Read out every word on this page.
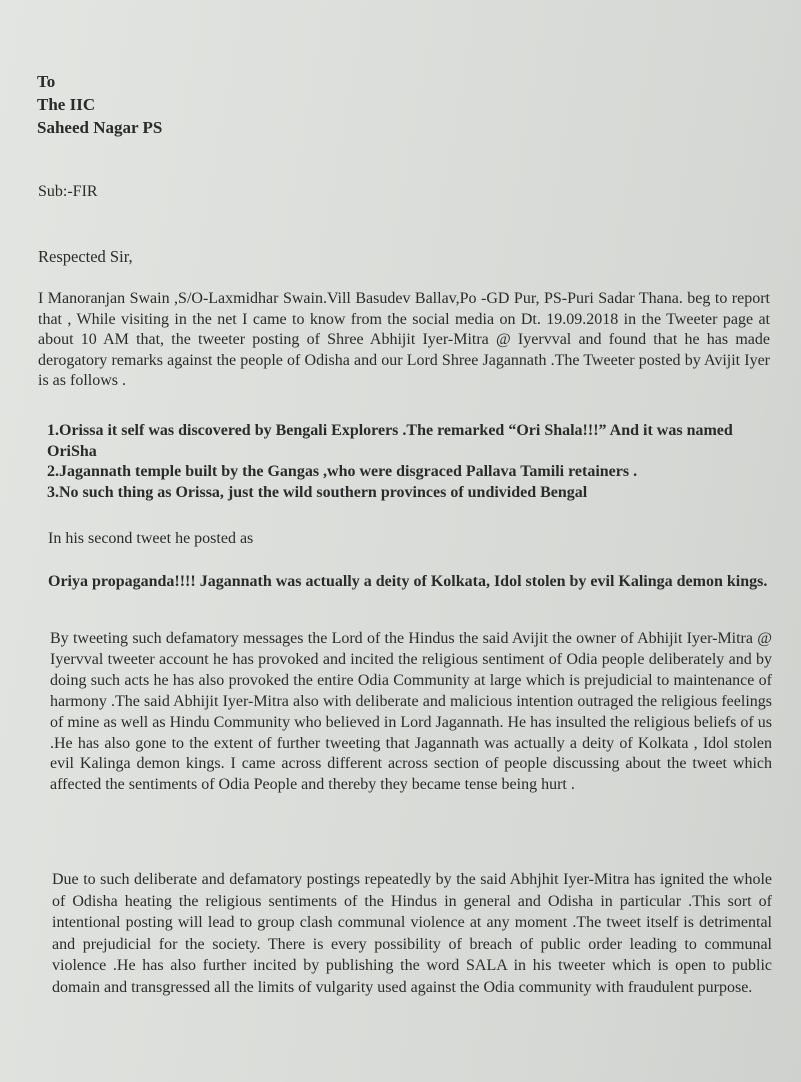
To
The IIC
Saheed Nagar PS
Sub:-FIR
Respected Sir,
I Manoranjan Swain ,S/O-Laxmidhar Swain.Vill Basudev Ballav,Po -GD Pur, PS-Puri Sadar Thana. beg to report that , While visiting in the net I came to know from the social media on Dt. 19.09.2018 in the Tweeter page at about 10 AM that, the tweeter posting of Shree Abhijit Iyer-Mitra @ Iyervval and found that he has made derogatory remarks against the people of Odisha and our Lord Shree Jagannath .The Tweeter posted by Avijit Iyer is as follows .
1.Orissa it self was discovered by Bengali Explorers .The remarked “Ori Shala!!!” And it was named OriSha
2.Jagannath temple built by the Gangas ,who were disgraced Pallava Tamili retainers .
3.No such thing as Orissa, just the wild southern provinces of undivided Bengal
In his second tweet he posted as
Oriya propaganda!!!! Jagannath was actually a deity of Kolkata, Idol stolen by evil Kalinga demon kings.
By tweeting such defamatory messages the Lord of the Hindus the said Avijit the owner of Abhijit Iyer-Mitra @ Iyervval tweeter account he has provoked and incited the religious sentiment of Odia people deliberately and by doing such acts he has also provoked the entire Odia Community at large which is prejudicial to maintenance of harmony .The said Abhijit Iyer-Mitra also with deliberate and malicious intention outraged the religious feelings of mine as well as Hindu Community who believed in Lord Jagannath. He has insulted the religious beliefs of us .He has also gone to the extent of further tweeting that Jagannath was actually a deity of Kolkata , Idol stolen evil Kalinga demon kings. I came across different across section of people discussing about the tweet which affected the sentiments of Odia People and thereby they became tense being hurt .
Due to such deliberate and defamatory postings repeatedly by the said Abhjhit Iyer-Mitra has ignited the whole of Odisha heating the religious sentiments of the Hindus in general and Odisha in particular .This sort of intentional posting will lead to group clash communal violence at any moment .The tweet itself is detrimental and prejudicial for the society. There is every possibility of breach of public order leading to communal violence .He has also further incited by publishing the word SALA in his tweeter which is open to public domain and transgressed all the limits of vulgarity used against the Odia community with fraudulent purpose.
